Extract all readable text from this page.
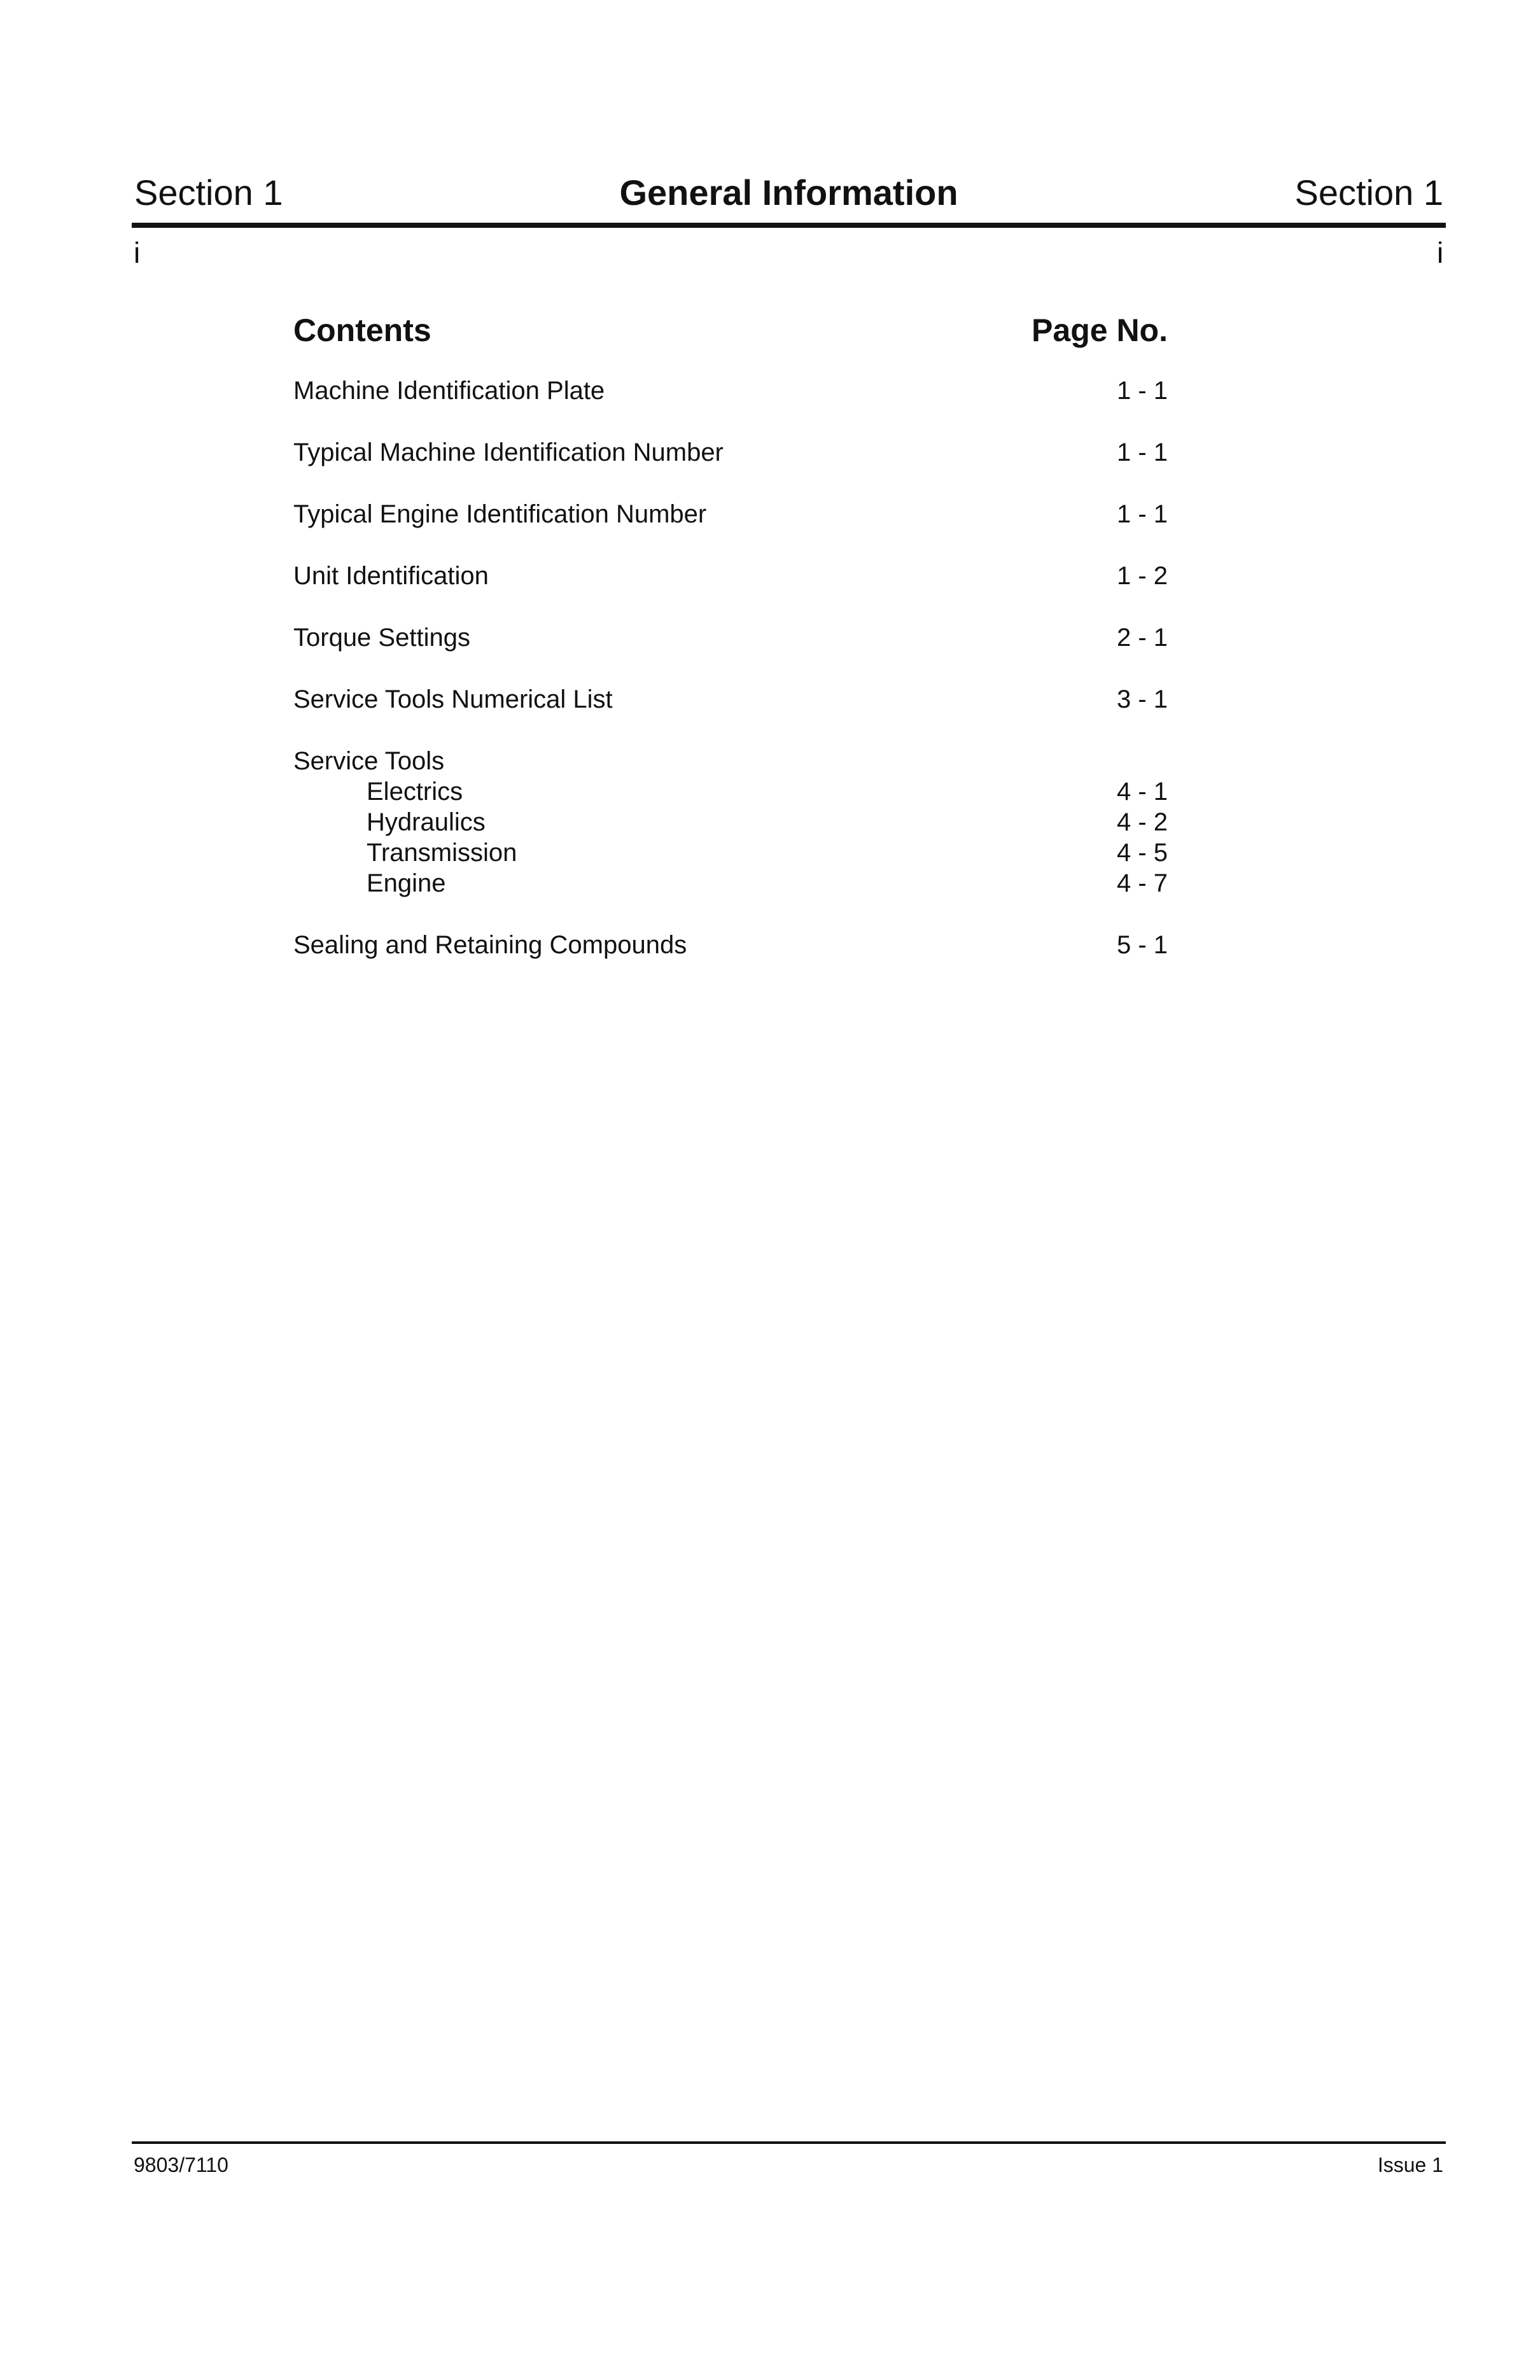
Section 1	General Information	Section 1
i	i
Contents	Page No.
Machine Identification Plate	1 - 1
Typical Machine Identification Number	1 - 1
Typical Engine Identification Number	1 - 1
Unit Identification	1 - 2
Torque Settings	2 - 1
Service Tools Numerical List	3 - 1
Service Tools
Electrics	4 - 1
Hydraulics	4 - 2
Transmission	4 - 5
Engine	4 - 7
Sealing and Retaining Compounds	5 - 1
9803/7110	Issue 1
